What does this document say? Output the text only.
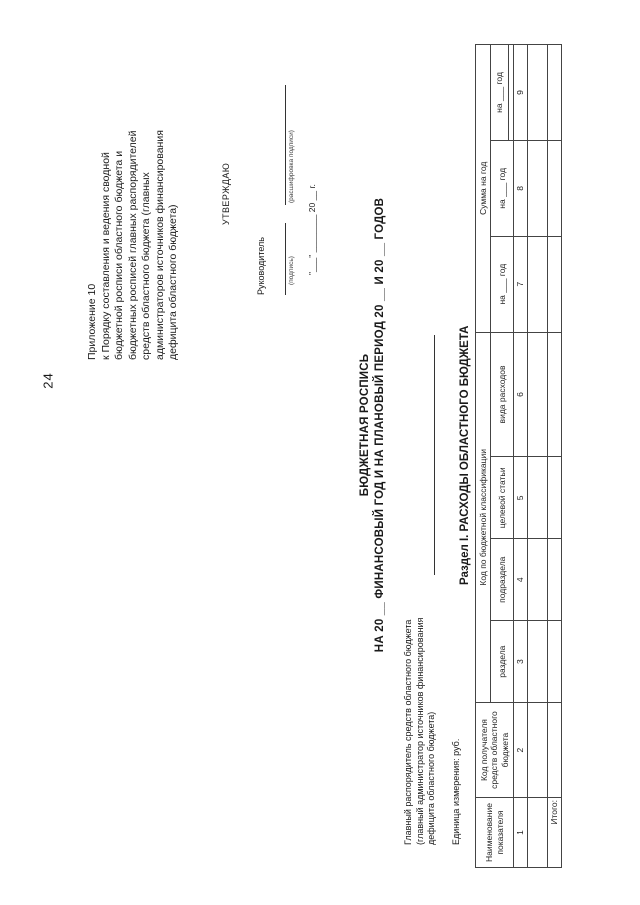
24
Приложение 10 к Порядку составления и ведения сводной бюджетной росписи областного бюджета и бюджетных росписей главных распорядителей средств областного бюджета (главных администраторов источников финансирования дефицита областного бюджета)
УТВЕРЖДАЮ
Руководитель	(подпись)
(расшифровка подписи)
"___" ________ 20 __ г.
БЮДЖЕТНАЯ РОСПИСЬ НА 20 __ ФИНАНСОВЫЙ ГОД И НА ПЛАНОВЫЙ ПЕРИОД 20 __ И 20 __ ГОДОВ
Главный распорядитель средств областного бюджета (главный администратор источников финансирования дефицита областного бюджета) Единица измерения: руб.
Раздел I. РАСХОДЫ ОБЛАСТНОГО БЮДЖЕТА
Наименование показателя	Код получателя средств областного бюджета	Код по бюджетной классификации				Сумма на год		
		раздела	подраздела	целевой статьи	вида расходов	на ___ год	на ___ год	на ___ год

1	2	3	4	5	6	7	8	9

Итого:								
